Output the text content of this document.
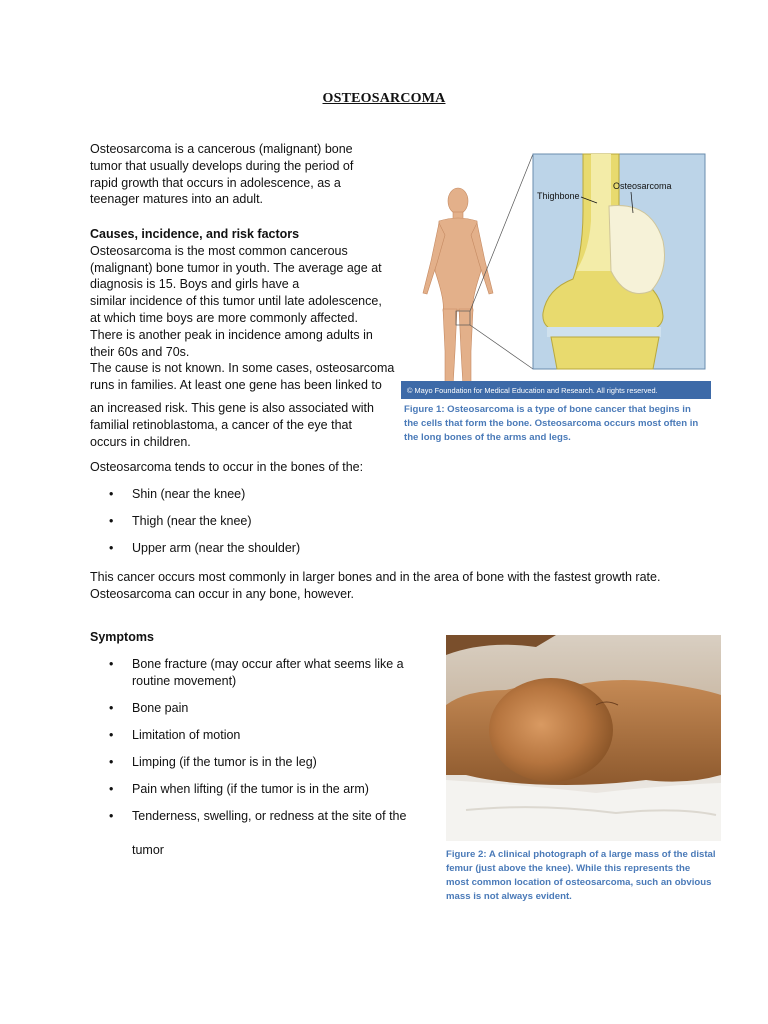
OSTEOSARCOMA

Osteosarcoma is a cancerous (malignant) bone

tumor that usually develops during the period of

rapid growth that occurs in adolescence, as a

teenager matures into an adult.

Causes, incidence, and risk factors

Osteosarcoma is the most common cancerous

(malignant) bone tumor in youth. The average age at

diagnosis is 15. Boys and girls have a

similar incidence of this tumor until late adolescence,

at which time boys are more commonly affected.

There is another peak in incidence among adults in

their 60s and 70s.

The cause is not known. In some cases, osteosarcoma

runs in families. At least one gene has been linked to

an increased risk. This gene is also associated with

familial retinoblastoma, a cancer of the eye that

occurs in children.

Thighbone
Osteosarcoma
© Mayo Foundation for Medical Education and Research. All rights reserved.

Figure 1: Osteosarcoma is a type of bone cancer that begins in

the cells that form the bone. Osteosarcoma occurs most often in

the long bones of the arms and legs.

Osteosarcoma tends to occur in the bones of the:
• Shin (near the knee)
• Thigh (near the knee)
• Upper arm (near the shoulder)

This cancer occurs most commonly in larger bones and in the area of bone with the fastest growth rate.

Osteosarcoma can occur in any bone, however.

Symptoms
• Bone fracture (may occur after what seems like a
routine movement)
• Bone pain
• Limitation of motion
• Limping (if the tumor is in the leg)
• Pain when lifting (if the tumor is in the arm)
• Tenderness, swelling, or redness at the site of the
tumor	Figure 2: A clinical photograph of a large mass of the distal

femur (just above the knee). While this represents the

most common location of osteosarcoma, such an obvious

mass is not always evident.
